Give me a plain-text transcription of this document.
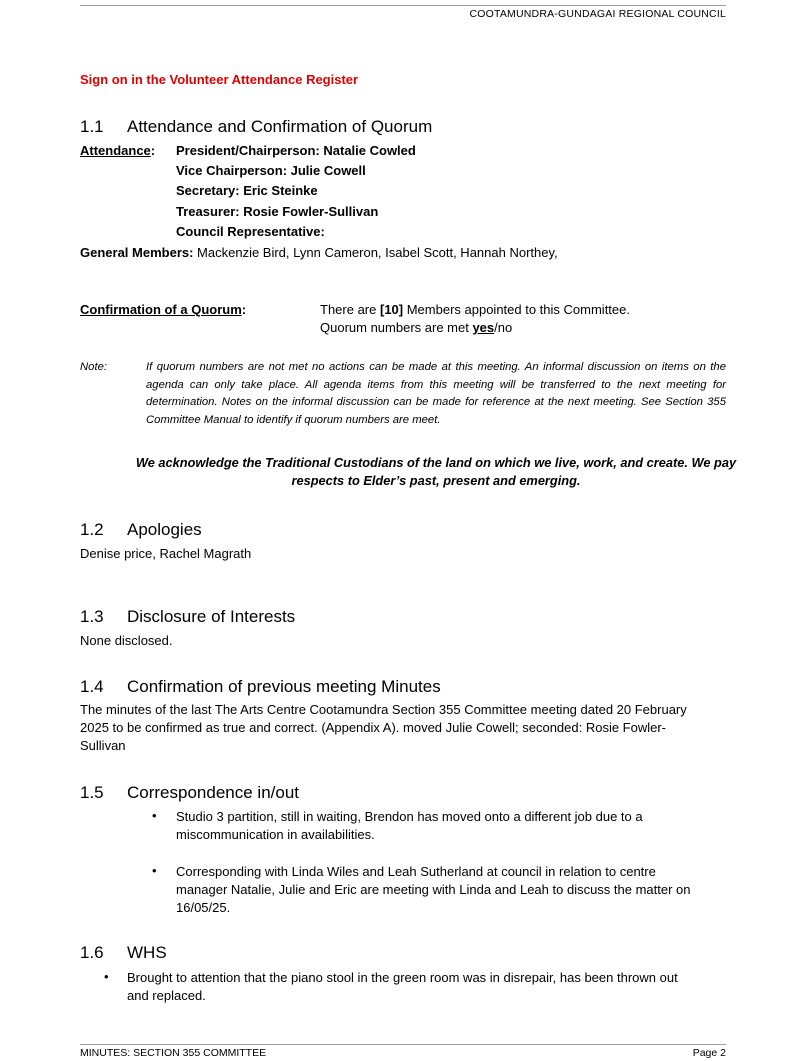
COOTAMUNDRA-GUNDAGAI REGIONAL COUNCIL
Sign on in the Volunteer Attendance Register
1.1 Attendance and Confirmation of Quorum
Attendance: President/Chairperson: Natalie Cowled
Vice Chairperson: Julie Cowell
Secretary: Eric Steinke
Treasurer: Rosie Fowler-Sullivan
Council Representative:
General Members: Mackenzie Bird, Lynn Cameron, Isabel Scott, Hannah Northey,
Confirmation of a Quorum:	There are [10] Members appointed to this Committee.
Quorum numbers are met yes/no
Note:	If quorum numbers are not met no actions can be made at this meeting. An informal discussion on items on the agenda can only take place. All agenda items from this meeting will be transferred to the next meeting for determination. Notes on the informal discussion can be made for reference at the next meeting. See Section 355 Committee Manual to identify if quorum numbers are meet.
We acknowledge the Traditional Custodians of the land on which we live, work, and create. We pay
respects to Elder’s past, present and emerging.
1.2 Apologies
Denise price, Rachel Magrath
1.3 Disclosure of Interests
None disclosed.
1.4 Confirmation of previous meeting Minutes
The minutes of the last The Arts Centre Cootamundra Section 355 Committee meeting dated 20 February
2025 to be confirmed as true and correct. (Appendix A). moved Julie Cowell; seconded: Rosie Fowler-
Sullivan
1.5 Correspondence in/out
• Studio 3 partition, still in waiting, Brendon has moved onto a different job due to a
miscommunication in availabilities.
• Corresponding with Linda Wiles and Leah Sutherland at council in relation to centre
manager Natalie, Julie and Eric are meeting with Linda and Leah to discuss the matter on
16/05/25.
1.6 WHS
• Brought to attention that the piano stool in the green room was in disrepair, has been thrown out
and replaced.
MINUTES: SECTION 355 COMMITTEE	Page 2
